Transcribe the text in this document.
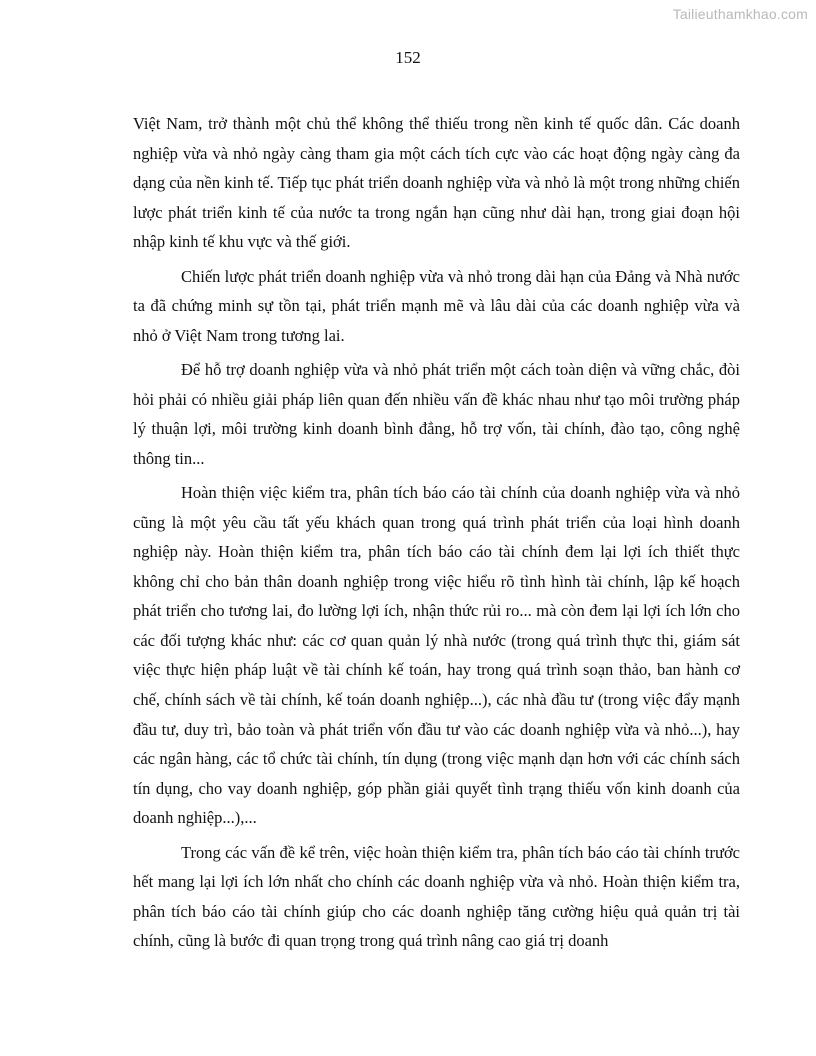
Tailieuthamkhao.com
152

Việt Nam, trở thành một chủ thể không thể thiếu trong nền kinh tế quốc dân. Các doanh nghiệp vừa và nhỏ ngày càng tham gia một cách tích cực vào các hoạt động ngày càng đa dạng của nền kinh tế. Tiếp tục phát triển doanh nghiệp vừa và nhỏ là một trong những chiến lược phát triển kinh tế của nước ta trong ngắn hạn cũng như dài hạn, trong giai đoạn hội nhập kinh tế khu vực và thế giới.

Chiến lược phát triển doanh nghiệp vừa và nhỏ trong dài hạn của Đảng và Nhà nước ta đã chứng minh sự tồn tại, phát triển mạnh mẽ và lâu dài của các doanh nghiệp vừa và nhỏ ở Việt Nam trong tương lai.

Để hỗ trợ doanh nghiệp vừa và nhỏ phát triển một cách toàn diện và vững chắc, đòi hỏi phải có nhiều giải pháp liên quan đến nhiều vấn đề khác nhau như tạo môi trường pháp lý thuận lợi, môi trường kinh doanh bình đẳng, hỗ trợ vốn, tài chính, đào tạo, công nghệ thông tin...

Hoàn thiện việc kiểm tra, phân tích báo cáo tài chính của doanh nghiệp vừa và nhỏ cũng là một yêu cầu tất yếu khách quan trong quá trình phát triển của loại hình doanh nghiệp này. Hoàn thiện kiểm tra, phân tích báo cáo tài chính đem lại lợi ích thiết thực không chỉ cho bản thân doanh nghiệp trong việc hiểu rõ tình hình tài chính, lập kế hoạch phát triển cho tương lai, đo lường lợi ích, nhận thức rủi ro... mà còn đem lại lợi ích lớn cho các đối tượng khác như: các cơ quan quản lý nhà nước (trong quá trình thực thi, giám sát việc thực hiện pháp luật về tài chính kế toán, hay trong quá trình soạn thảo, ban hành cơ chế, chính sách về tài chính, kế toán doanh nghiệp...), các nhà đầu tư (trong việc đẩy mạnh đầu tư, duy trì, bảo toàn và phát triển vốn đầu tư vào các doanh nghiệp vừa và nhỏ...), hay các ngân hàng, các tổ chức tài chính, tín dụng (trong việc mạnh dạn hơn với các chính sách tín dụng, cho vay doanh nghiệp, góp phần giải quyết tình trạng thiếu vốn kinh doanh của doanh nghiệp...),...

Trong các vấn đề kể trên, việc hoàn thiện kiểm tra, phân tích báo cáo tài chính trước hết mang lại lợi ích lớn nhất cho chính các doanh nghiệp vừa và nhỏ. Hoàn thiện kiểm tra, phân tích báo cáo tài chính giúp cho các doanh nghiệp tăng cường hiệu quả quản trị tài chính, cũng là bước đi quan trọng trong quá trình nâng cao giá trị doanh
